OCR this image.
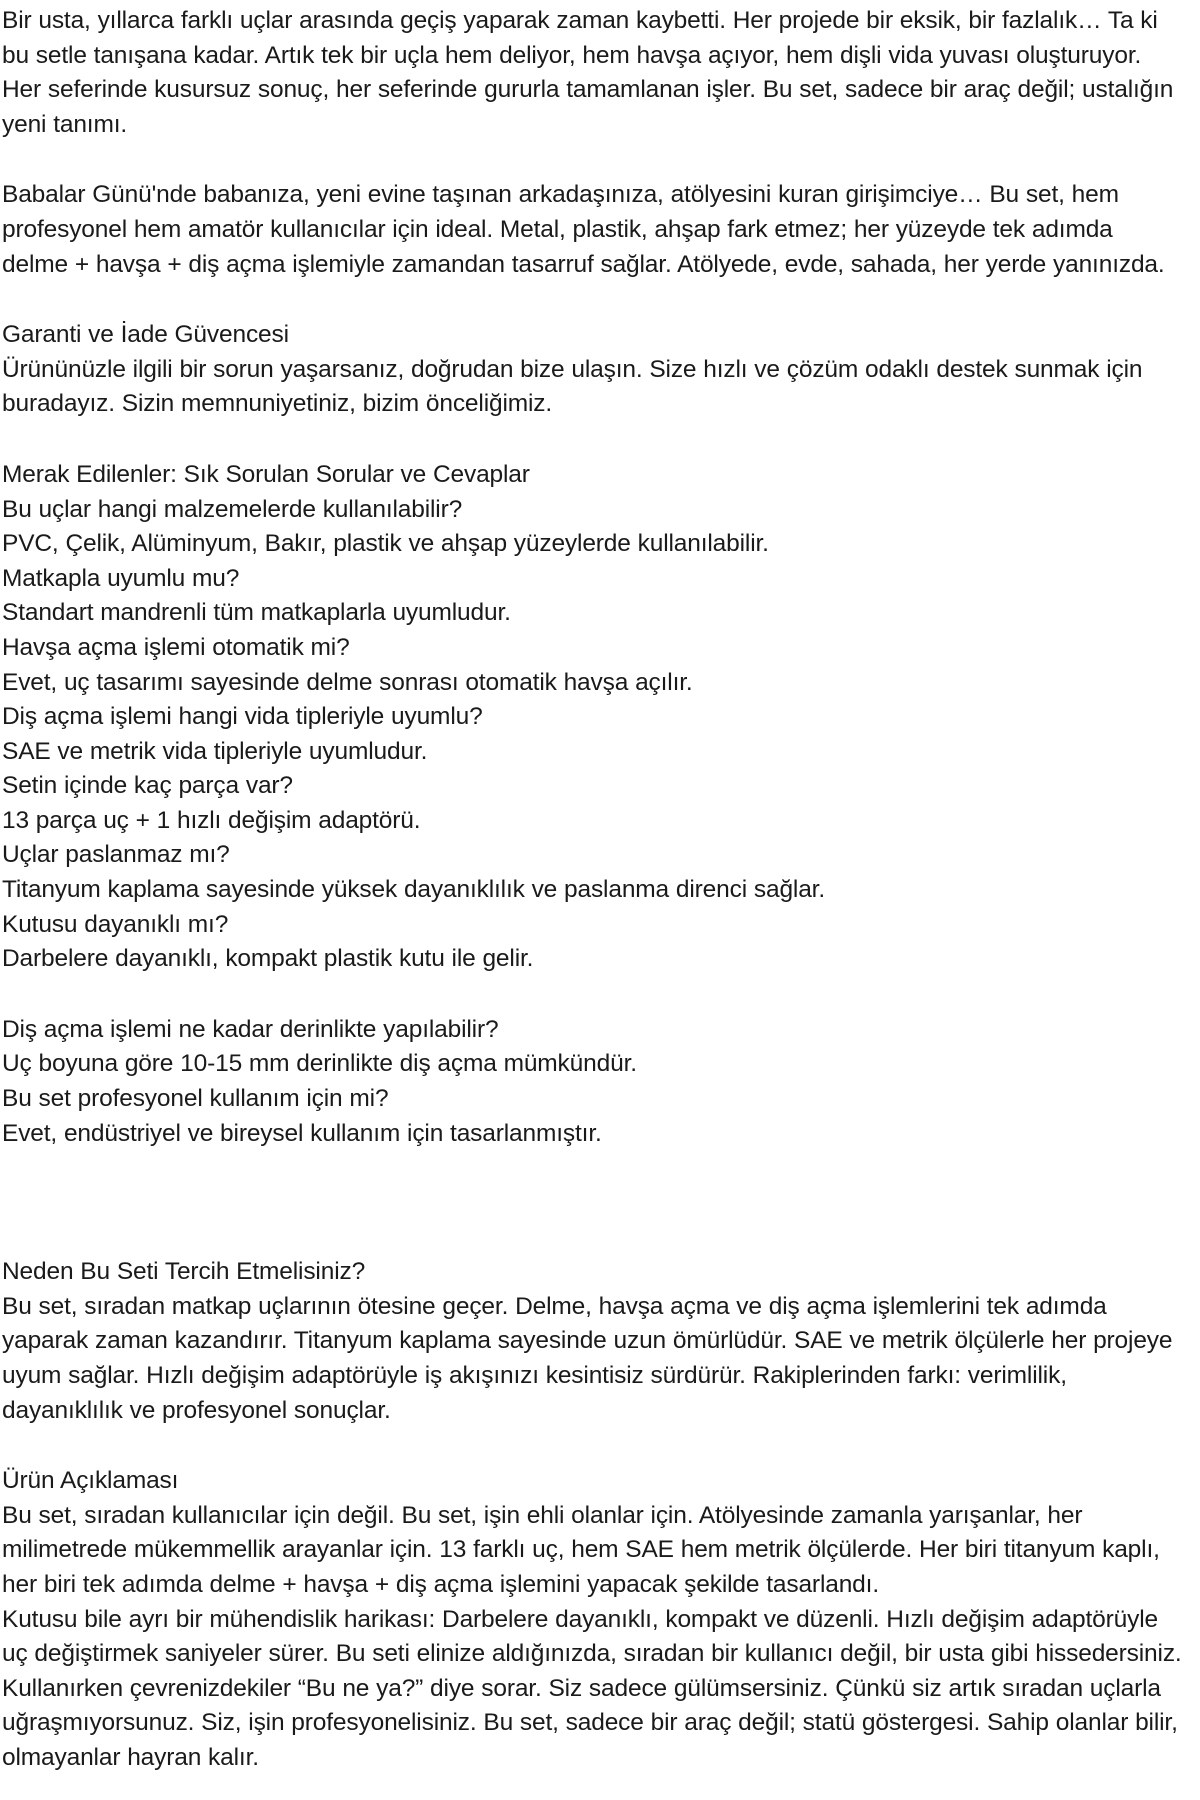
Bir usta, yıllarca farklı uçlar arasında geçiş yaparak zaman kaybetti. Her projede bir eksik, bir fazlalık… Ta ki bu setle tanışana kadar. Artık tek bir uçla hem deliyor, hem havşa açıyor, hem dişli vida yuvası oluşturuyor. Her seferinde kusursuz sonuç, her seferinde gururla tamamlanan işler. Bu set, sadece bir araç değil; ustalığın yeni tanımı.

Babalar Günü'nde babanıza, yeni evine taşınan arkadaşınıza, atölyesini kuran girişimciye… Bu set, hem profesyonel hem amatör kullanıcılar için ideal. Metal, plastik, ahşap fark etmez; her yüzeyde tek adımda delme + havşa + diş açma işlemiyle zamandan tasarruf sağlar. Atölyede, evde, sahada, her yerde yanınızda.

Garanti ve İade Güvencesi

Ürününüzle ilgili bir sorun yaşarsanız, doğrudan bize ulaşın. Size hızlı ve çözüm odaklı destek sunmak için buradayız. Sizin memnuniyetiniz, bizim önceliğimiz.

Merak Edilenler: Sık Sorulan Sorular ve Cevaplar

Bu uçlar hangi malzemelerde kullanılabilir?

PVC, Çelik, Alüminyum, Bakır, plastik ve ahşap yüzeylerde kullanılabilir.

Matkapla uyumlu mu?

Standart mandrenli tüm matkaplarla uyumludur.

Havşa açma işlemi otomatik mi?

Evet, uç tasarımı sayesinde delme sonrası otomatik havşa açılır.

Diş açma işlemi hangi vida tipleriyle uyumlu?

SAE ve metrik vida tipleriyle uyumludur.

Setin içinde kaç parça var?

13 parça uç + 1 hızlı değişim adaptörü.

Uçlar paslanmaz mı?

Titanyum kaplama sayesinde yüksek dayanıklılık ve paslanma direnci sağlar.

Kutusu dayanıklı mı?

Darbelere dayanıklı, kompakt plastik kutu ile gelir.

Diş açma işlemi ne kadar derinlikte yapılabilir?

Uç boyuna göre 10-15 mm derinlikte diş açma mümkündür.

Bu set profesyonel kullanım için mi?

Evet, endüstriyel ve bireysel kullanım için tasarlanmıştır.

Neden Bu Seti Tercih Etmelisiniz?

Bu set, sıradan matkap uçlarının ötesine geçer. Delme, havşa açma ve diş açma işlemlerini tek adımda yaparak zaman kazandırır. Titanyum kaplama sayesinde uzun ömürlüdür. SAE ve metrik ölçülerle her projeye uyum sağlar. Hızlı değişim adaptörüyle iş akışınızı kesintisiz sürdürür. Rakiplerinden farkı: verimlilik, dayanıklılık ve profesyonel sonuçlar.

Ürün Açıklaması

Bu set, sıradan kullanıcılar için değil. Bu set, işin ehli olanlar için. Atölyesinde zamanla yarışanlar, her milimetrede mükemmellik arayanlar için. 13 farklı uç, hem SAE hem metrik ölçülerde. Her biri titanyum kaplı, her biri tek adımda delme + havşa + diş açma işlemini yapacak şekilde tasarlandı.

Kutusu bile ayrı bir mühendislik harikası: Darbelere dayanıklı, kompakt ve düzenli. Hızlı değişim adaptörüyle uç değiştirmek saniyeler sürer. Bu seti elinize aldığınızda, sıradan bir kullanıcı değil, bir usta gibi hissedersiniz.

Kullanırken çevrenizdekiler “Bu ne ya?” diye sorar. Siz sadece gülümsersiniz. Çünkü siz artık sıradan uçlarla uğraşmıyorsunuz. Siz, işin profesyonelisiniz. Bu set, sadece bir araç değil; statü göstergesi. Sahip olanlar bilir, olmayanlar hayran kalır.
